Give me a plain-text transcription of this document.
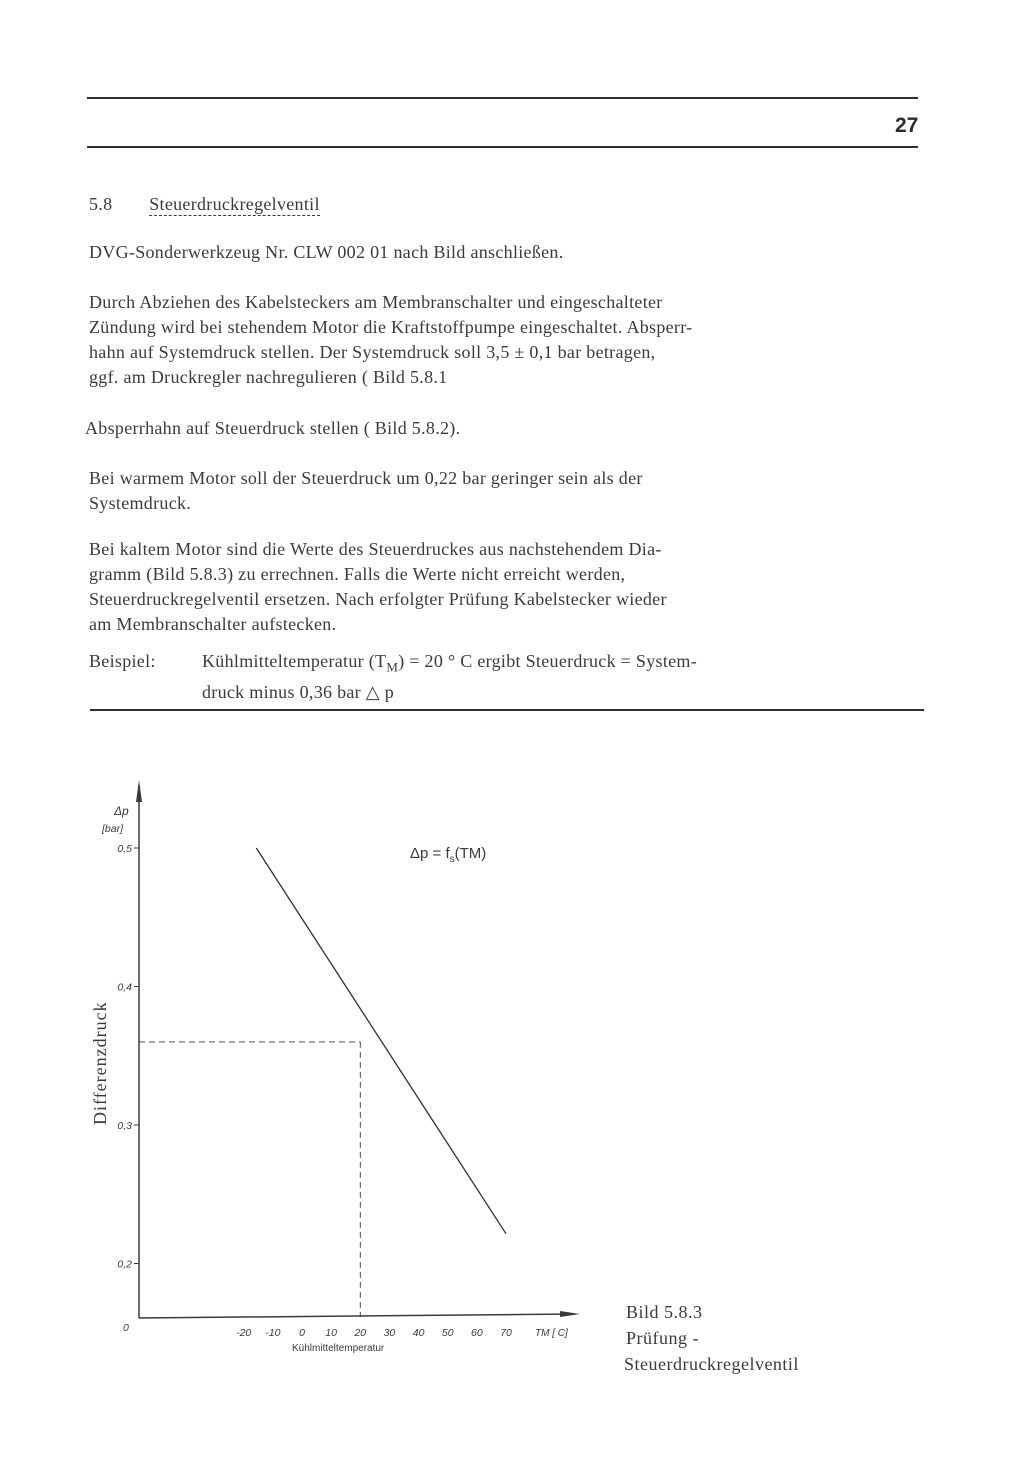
27
5.8 Steuerdruckregelventil
DVG-Sonderwerkzeug Nr. CLW 002 01 nach Bild anschließen.
Durch Abziehen des Kabelsteckers am Membranschalter und eingeschalteter
Zündung wird bei stehendem Motor die Kraftstoffpumpe eingeschaltet. Absperr-
hahn auf Systemdruck stellen. Der Systemdruck soll 3,5 ± 0,1 bar betragen,
ggf. am Druckregler nachregulieren ( Bild 5.8.1
Absperrhahn auf Steuerdruck stellen ( Bild 5.8.2).
Bei warmem Motor soll der Steuerdruck um 0,22 bar geringer sein als der
Systemdruck.
Bei kaltem Motor sind die Werte des Steuerdruckes aus nachstehendem Dia-
gramm (Bild 5.8.3) zu errechnen. Falls die Werte nicht erreicht werden,
Steuerdruckregelventil ersetzen. Nach erfolgter Prüfung Kabelstecker wieder
am Membranschalter aufstecken.
Beispiel:	Kühlmitteltemperatur $(T_M) = 20$ ° C ergibt Steuerdruck = System-
druck minus 0,36 bar △ p
0,5
0,4
0,3
0,2
-20 -10 0 10 20 30 40 50 60 70
0
Δp
[bar]
TM [ C]
Differenzdruck
Kühlmitteltemperatur
$\Delta p = f_s(TM)$
Bild 5.8.3
Prüfung -
Steuerdruckregelventil
